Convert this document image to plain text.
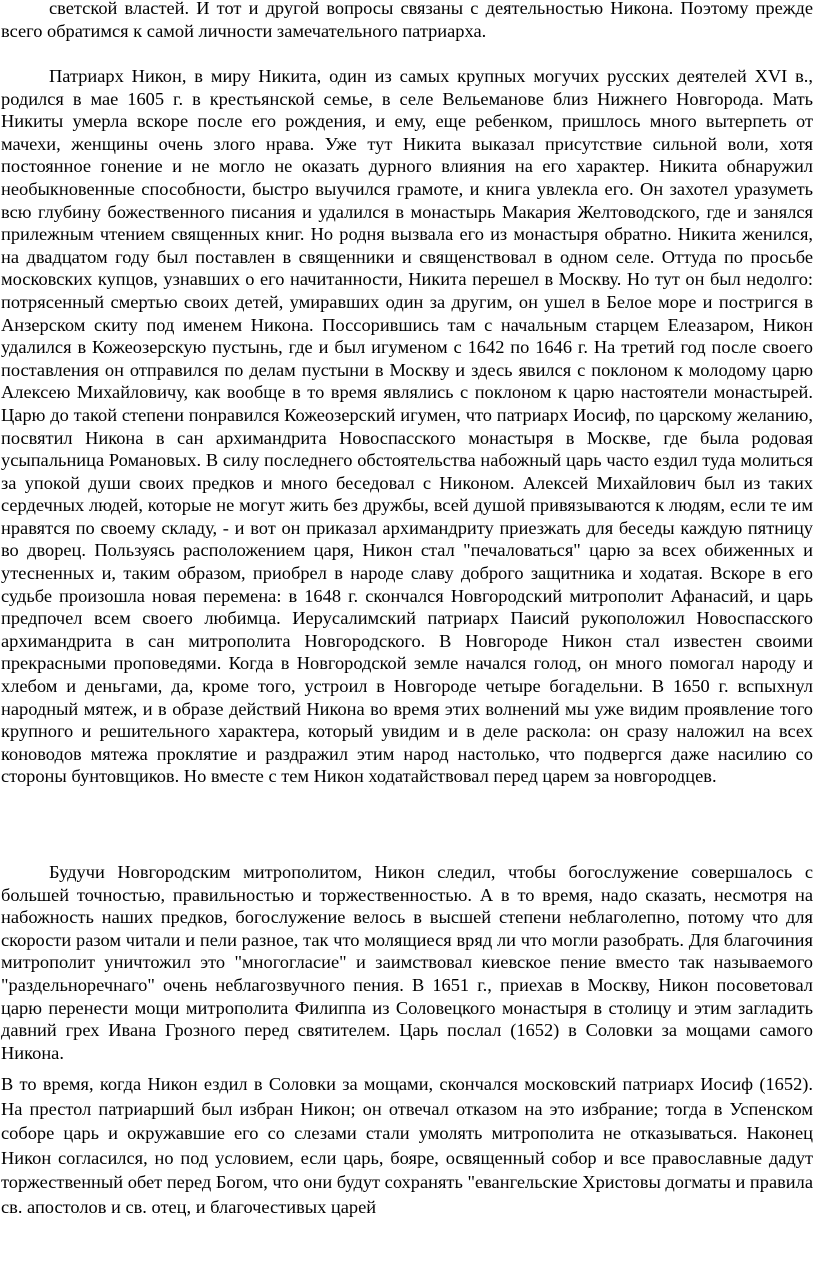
светской властей. И тот и другой вопросы связаны с деятельностью Никона. Поэтому прежде всего обратимся к самой личности замечательного патриарха.

Патриарх Никон, в миру Никита, один из самых крупных могучих русских деятелей XVI в., родился в мае 1605 г. в крестьянской семье, в селе Вельеманове близ Нижнего Новгорода. Мать Никиты умерла вскоре после его рождения, и ему, еще ребенком, пришлось много вытерпеть от мачехи, женщины очень злого нрава. Уже тут Никита выказал присутствие сильной воли, хотя постоянное гонение и не могло не оказать дурного влияния на его характер. Никита обнаружил необыкновенные способности, быстро выучился грамоте, и книга увлекла его. Он захотел уразуметь всю глубину божественного писания и удалился в монастырь Макария Желтоводского, где и занялся прилежным чтением священных книг. Но родня вызвала его из монастыря обратно. Никита женился, на двадцатом году был поставлен в священники и священствовал в одном селе. Оттуда по просьбе московских купцов, узнавших о его начитанности, Никита перешел в Москву. Но тут он был недолго: потрясенный смертью своих детей, умиравших один за другим, он ушел в Белое море и постригся в Анзерском скиту под именем Никона. Поссорившись там с начальным старцем Елеазаром, Никон удалился в Кожеозерскую пустынь, где и был игуменом с 1642 по 1646 г. На третий год после своего поставления он отправился по делам пустыни в Москву и здесь явился с поклоном к молодому царю Алексею Михайловичу, как вообще в то время являлись с поклоном к царю настоятели монастырей. Царю до такой степени понравился Кожеозерский игумен, что патриарх Иосиф, по царскому желанию, посвятил Никона в сан архимандрита Новоспасского монастыря в Москве, где была родовая усыпальница Романовых. В силу последнего обстоятельства набожный царь часто ездил туда молиться за упокой души своих предков и много беседовал с Никоном. Алексей Михайлович был из таких сердечных людей, которые не могут жить без дружбы, всей душой привязываются к людям, если те им нравятся по своему складу, - и вот он приказал архимандриту приезжать для беседы каждую пятницу во дворец. Пользуясь расположением царя, Никон стал "печаловаться" царю за всех обиженных и утесненных и, таким образом, приобрел в народе славу доброго защитника и ходатая. Вскоре в его судьбе произошла новая перемена: в 1648 г. скончался Новгородский митрополит Афанасий, и царь предпочел всем своего любимца. Иерусалимский патриарх Паисий рукоположил Новоспасского архимандрита в сан митрополита Новгородского. В Новгороде Никон стал известен своими прекрасными проповедями. Когда в Новгородской земле начался голод, он много помогал народу и хлебом и деньгами, да, кроме того, устроил в Новгороде четыре богадельни. В 1650 г. вспыхнул народный мятеж, и в образе действий Никона во время этих волнений мы уже видим проявление того крупного и решительного характера, который увидим и в деле раскола: он сразу наложил на всех коноводов мятежа проклятие и раздражил этим народ настолько, что подвергся даже насилию со стороны бунтовщиков. Но вместе с тем Никон ходатайствовал перед царем за новгородцев.

Будучи Новгородским митрополитом, Никон следил, чтобы богослужение совершалось с большей точностью, правильностью и торжественностью. А в то время, надо сказать, несмотря на набожность наших предков, богослужение велось в высшей степени неблаголепно, потому что для скорости разом читали и пели разное, так что молящиеся вряд ли что могли разобрать. Для благочиния митрополит уничтожил это "многогласие" и заимствовал киевское пение вместо так называемого "раздельноречнаго" очень неблагозвучного пения. В 1651 г., приехав в Москву, Никон посоветовал царю перенести мощи митрополита Филиппа из Соловецкого монастыря в столицу и этим загладить давний грех Ивана Грозного перед святителем. Царь послал (1652) в Соловки за мощами самого Никона.

В то время, когда Никон ездил в Соловки за мощами, скончался московский патриарх Иосиф (1652). На престол патриарший был избран Никон; он отвечал отказом на это избрание; тогда в Успенском соборе царь и окружавшие его со слезами стали умолять митрополита не отказываться. Наконец Никон согласился, но под условием, если царь, бояре, освященный собор и все православные дадут торжественный обет перед Богом, что они будут сохранять "евангельские Христовы догматы и правила св. апостолов и св. отец, и благочестивых царей
